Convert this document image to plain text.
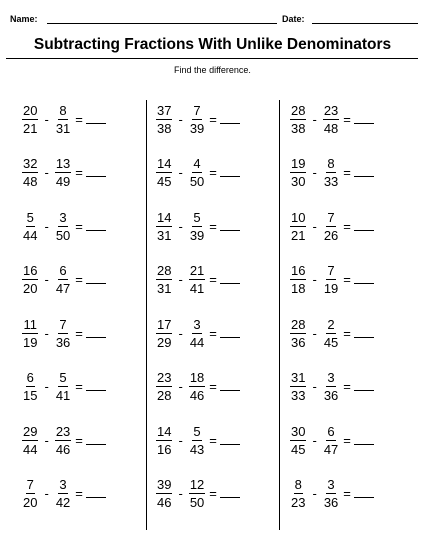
Name:	Date:
Subtracting Fractions With Unlike Denominators
Find the difference.
$\frac{20}{21} - \frac{8}{31}$ =
$\frac{32}{48} - \frac{13}{49}$ =
$\frac{5}{44} - \frac{3}{50}$ =
$\frac{16}{20} - \frac{6}{47}$ =
$\frac{11}{19} - \frac{7}{36}$ =
$\frac{6}{15} - \frac{5}{41}$ =
$\frac{29}{44} - \frac{23}{46}$ =
$\frac{7}{20} - \frac{3}{42}$ =
$\frac{37}{38} - \frac{7}{39}$ =
$\frac{14}{45} - \frac{4}{50}$ =
$\frac{14}{31} - \frac{5}{39}$ =
$\frac{28}{31} - \frac{21}{41}$ =
$\frac{17}{29} - \frac{3}{44}$ =
$\frac{23}{28} - \frac{18}{46}$ =
$\frac{14}{16} - \frac{5}{43}$ =
$\frac{39}{46} - \frac{12}{50}$ =
$\frac{28}{38} - \frac{23}{48}$ =
$\frac{19}{30} - \frac{8}{33}$ =
$\frac{10}{21} - \frac{7}{26}$ =
$\frac{16}{18} - \frac{7}{19}$ =
$\frac{28}{36} - \frac{2}{45}$ =
$\frac{31}{33} - \frac{3}{36}$ =
$\frac{30}{45} - \frac{6}{47}$ =
$\frac{8}{23} - \frac{3}{36}$ =
